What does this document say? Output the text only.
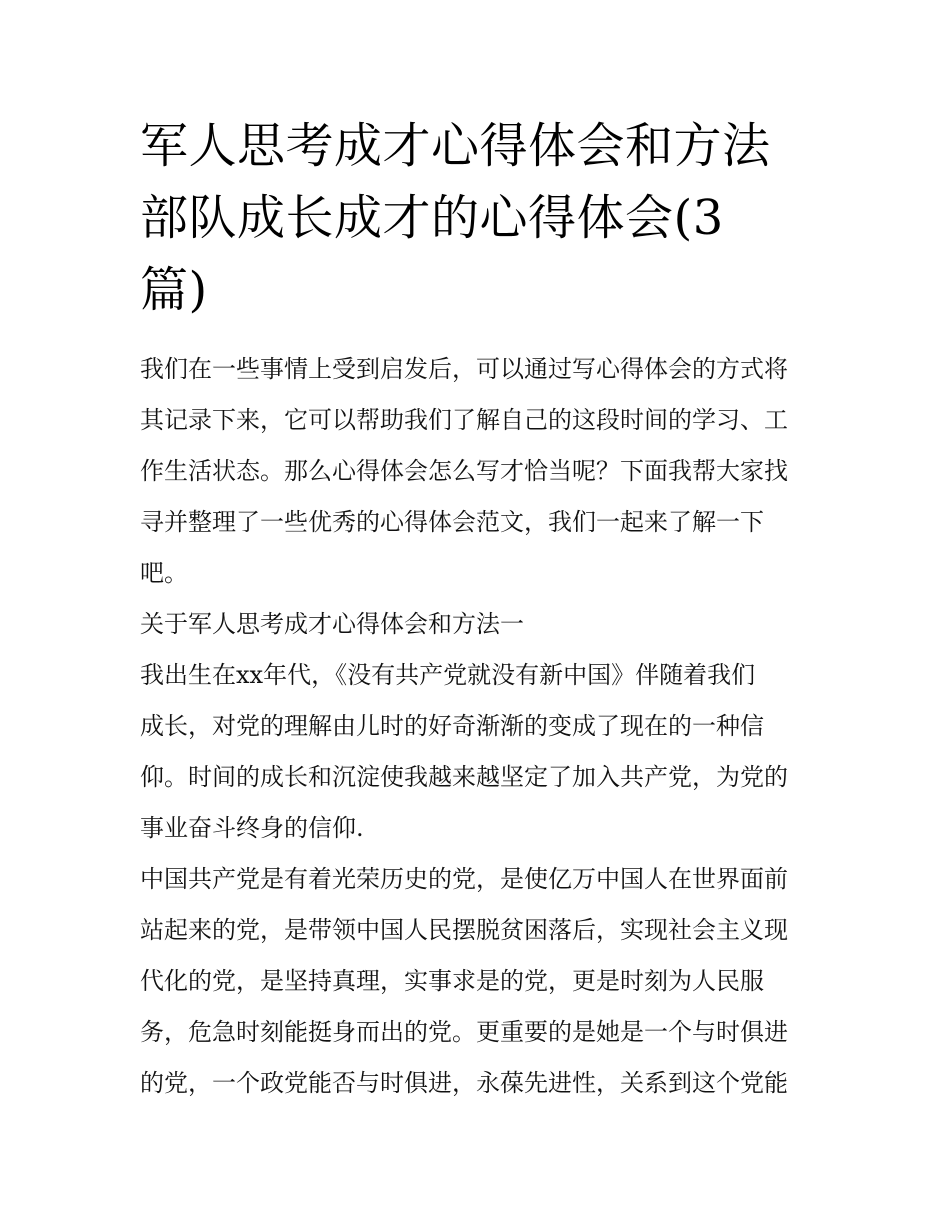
军人思考成才心得体会和方法
部队成长成才的心得体会(3
篇)
我们在一些事情上受到启发后，可以通过写心得体会的方式将
其记录下来，它可以帮助我们了解自己的这段时间的学习、工
作生活状态。那么心得体会怎么写才恰当呢？下面我帮大家找
寻并整理了一些优秀的心得体会范文，我们一起来了解一下
吧。
关于军人思考成才心得体会和方法一
我出生在xx年代，《没有共产党就没有新中国》伴随着我们
成长，对党的理解由儿时的好奇渐渐的变成了现在的一种信
仰。时间的成长和沉淀使我越来越坚定了加入共产党，为党的
事业奋斗终身的信仰.
中国共产党是有着光荣历史的党，是使亿万中国人在世界面前
站起来的党，是带领中国人民摆脱贫困落后，实现社会主义现
代化的党，是坚持真理，实事求是的党，更是时刻为人民服
务，危急时刻能挺身而出的党。更重要的是她是一个与时俱进
的党，一个政党能否与时俱进，永葆先进性，关系到这个党能
